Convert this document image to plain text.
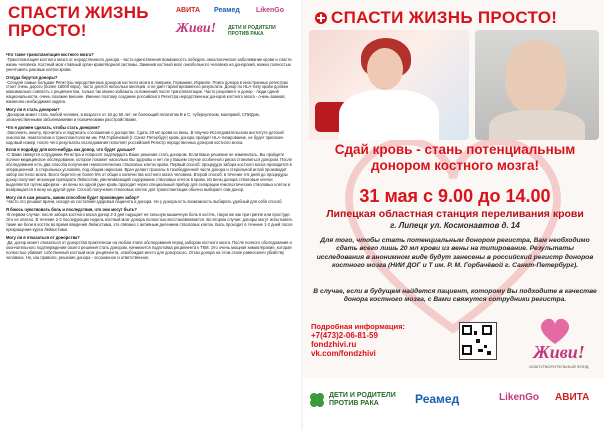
СПАСТИ ЖИЗНЬ ПРОСТО!
АВИТА Реамед LikenGo
Живи! ДЕТИ И РОДИТЕЛИ ПРОТИВ РАКА

Что такое трансплантация костного мозга?

-Трансплантация костного мозга от неродственного донора - часто единственная возможность победить онкологическое заболевание крови и спасти жизнь человека. Костный мозг-главный орган кроветворной системы. Заменив костный мозг онкобольного человека на донорский, можно полностью уничтожить раковые клетки крови.

Откуда берутся доноры?

-Сегодня самые большие Регистры неродственных доноров костного мозга в Америке, Германии, Израиле. Поиск донора в иностранных регистрах стоит очень дорого (более 18000 евро), часто длится несколько месяцев, и не дает гарантированного результата. Донор по HLA-типу крови должен максимально совпасть с реципиентом, только так можно избежать осложнений после трансплантации. Часто реципиент и донор - люди одной национальности, очень похожие внешне. Именно поэтому создание российского Регистра неродственных доноров костного мозга - очень важная, жизненно необходимая задача.

Могу ли я стать донором?

-Донором может стать любой человек, в возрасте от 18 до 55 лет, не болеющий гепатитом В и С, туберкулезом, малярией, СПИДом, злокачественными заболеваниями и психическими расстройствами.

Что я должен сделать, чтобы стать донором?

-Заполнить анкету, прочитать и подписать соглашение о донорстве. Сдать 20 мл крови из вены. В Научно-Исследовательском институте детской онкологии, гематологии и трансплантологии им. Р.М.Горбачевой (г. Санкт-Петербург) кровь донора пройдет HLA-типирование, ее будет присвоен кодовый номер, после чего результаты исследования пополнят российский Регистр неродственных доноров костного мозга.

Если я подойду для кого-нибудь как донор, что будет дальше?

-С Вами свяжутся сотрудники Регистра и попросят подтвердить Ваше решение стать донором. Если Ваше решение не изменилось, Вы пройдете полное медицинское обследование, которое покажет насколько Вы здоровы и нет ли у Вашем случае особенного риска становиться донором. После обследования есть два способа получения гемопоэтических стволовых клеток крови. Первый способ: процедура забора костного мозга проводится в операционной, в стерильных условиях, под общим наркозом. Врач делает проколы в тазобедренной части донора и стерильной иглой производит забор костного мозга. Всего берется не более 5% от общего количества костного мозга человека. Второй способ: в течение 4-5 дней до процедуры донор получает инъекции препарата Лейкостим, увеличивающий содержание стволовых клеток в крови. Из вены донора стволовые клетки выделяются путем афереза - из вены на одной руке кровь проходит через специальный прибор для сепарации гемопоэтических стволовых клеток и возвращается в вену на другой руке. Способ получения стволовых клеток для трансплантации обычно выбирает сам донор.

Могу ли я сам решать, каким способом будет произведен забор?

-Часто это решают врачи, исходя из состояния здоровья пациента и донора. Но у донора есть возможность выбирать удобный для себя способ.

Я боюсь чувствовать боль и последствия, что они могут быть?

-В первом случае: после забора костного мозга донор 2-3 дня ощущает не сильную мышечную боль в костях, такую же как при гриппе или простуде. Это не опасно. В течение 2-3 последующих недель костный мозг донора полностью восстанавливается. Во втором случае: доноры могут испытывать такие же боли в костях во время введения Лейкостима, это связано с активным делением стволовых клеток. Боль проходит в течение 1-2 дней после прекращения курса Лейкостима.

Могу ли я отказаться от донорства?

-Да, донор может отказаться от донорства практически на любом этапе обследования перед забором костного мозга. После полного обследования и окончательного подтверждения своего решения стать донором, начинается подготовка реципиента к ТКМ. Это очень мощная химиотерапия, которая полностью убивает собственный костный мозг реципиента, освобождая место для донорского. Отказ донора на этом этапе равносилен убийству человека. Но, как правило, решение донора - осознанное и ответственное.

СПАСТИ ЖИЗНЬ ПРОСТО!
Сдай кровь - стань потенциальным
донором костного мозга!
31 мая с 9.00 до 14.00
Липецкая областная станция переливания крови
г. Липецк ул. Космонавтов д. 14
Для того, чтобы стать потенциальным донором регистра, Вам необходимо сдать всего лишь 20 мл крови из вены на типирование. Результаты исследования в анонимном виде будут занесены в российский регистр доноров костного мозга (НИИ ДОГ и Т им. Р. М. Горбачёвой г. Санкт-Петербург).
В случае, если в будущем найдется пациент, которому Вы подходите в качестве донора костного мозга, с Вами свяжутся сотрудники регистра.
Подробная информация:
+7(473)2-06-81-59
fondzhivi.ru
vk.com/fondzhivi	Живи!
БЛАГОТВОРИТЕЛЬНЫЙ ФОНД
ДЕТИ И РОДИТЕЛИ ПРОТИВ РАКА	Реамед	LikenGo АВИТА
